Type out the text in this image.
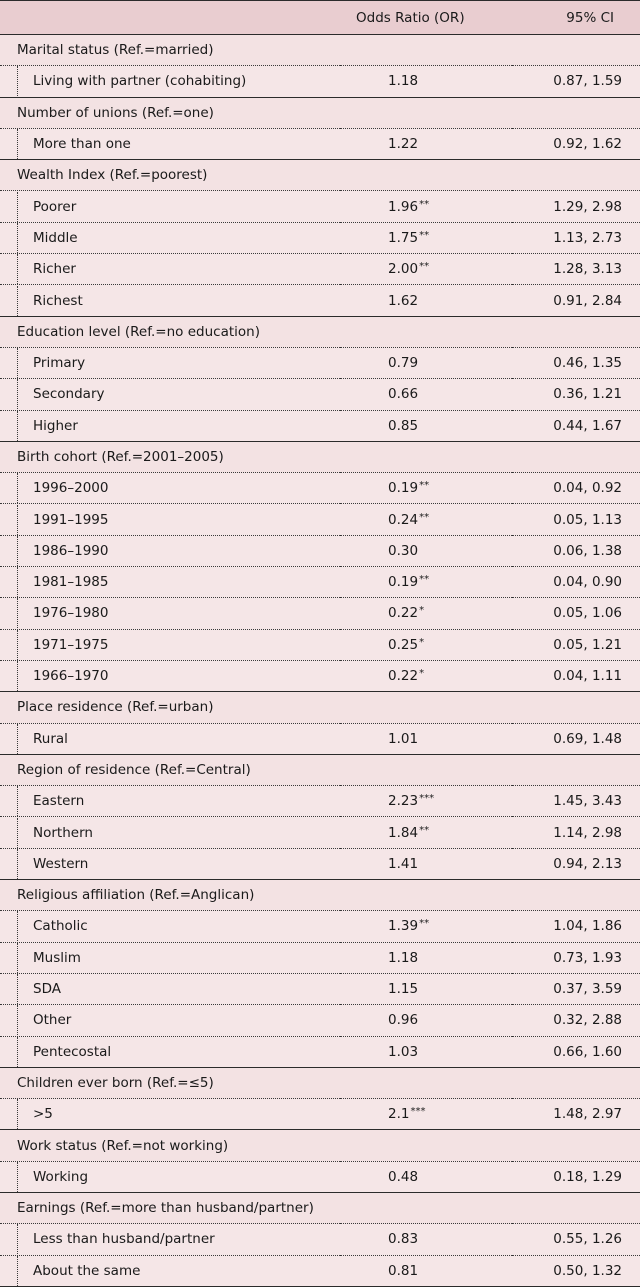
	Odds Ratio (OR)	95% CI
Marital status (Ref.=married)		

Living with partner (cohabiting)	1.18	0.87, 1.59
Number of unions (Ref.=one)		

More than one	1.22	0.92, 1.62
Wealth Index (Ref.=poorest)		

Poorer	1.96**	1.29, 2.98

Middle	1.75**	1.13, 2.73

Richer	2.00**	1.28, 3.13

Richest	1.62	0.91, 2.84
Education level (Ref.=no education)		

Primary	0.79	0.46, 1.35

Secondary	0.66	0.36, 1.21

Higher	0.85	0.44, 1.67
Birth cohort (Ref.=2001–2005)		

1996–2000	0.19**	0.04, 0.92

1991–1995	0.24**	0.05, 1.13

1986–1990	0.30	0.06, 1.38

1981–1985	0.19**	0.04, 0.90

1976–1980	0.22*	0.05, 1.06

1971–1975	0.25*	0.05, 1.21

1966–1970	0.22*	0.04, 1.11
Place residence (Ref.=urban)		

Rural	1.01	0.69, 1.48
Region of residence (Ref.=Central)		

Eastern	2.23***	1.45, 3.43

Northern	1.84**	1.14, 2.98

Western	1.41	0.94, 2.13
Religious affiliation (Ref.=Anglican)		

Catholic	1.39**	1.04, 1.86

Muslim	1.18	0.73, 1.93

SDA	1.15	0.37, 3.59

Other	0.96	0.32, 2.88

Pentecostal	1.03	0.66, 1.60
Children ever born (Ref.=≤5)		

>5	2.1***	1.48, 2.97
Work status (Ref.=not working)		

Working	0.48	0.18, 1.29
Earnings (Ref.=more than husband/partner)		

Less than husband/partner	0.83	0.55, 1.26

About the same	0.81	0.50, 1.32
